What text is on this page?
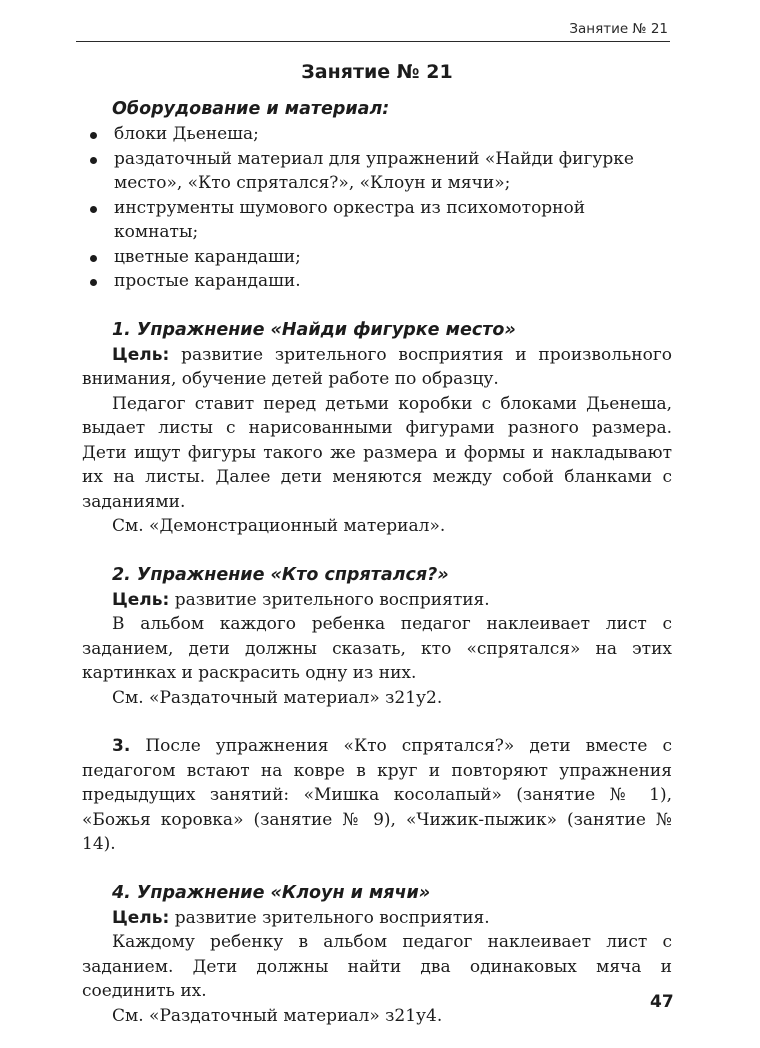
Занятие № 21
Занятие № 21
Оборудование и материал:
блоки Дьенеша;
раздаточный материал для упражнений «Найди фигурке место», «Кто спрятался?», «Клоун и мячи»;
инструменты шумового оркестра из психомоторной комнаты;
цветные карандаши;
простые карандаши.
1. Упражнение «Найди фигурке место»

Цель: развитие зрительного восприятия и произвольного внимания, обучение детей работе по образцу.

Педагог ставит перед детьми коробки с блоками Дьенеша, выдает листы с нарисованными фигурами разного размера. Дети ищут фигуры такого же размера и формы и накладывают их на листы. Далее дети меняются между собой бланками с заданиями.

См. «Демонстрационный материал».

2. Упражнение «Кто спрятался?»

Цель: развитие зрительного восприятия.

В альбом каждого ребенка педагог наклеивает лист с заданием, дети должны сказать, кто «спрятался» на этих картинках и раскрасить одну из них.

См. «Раздаточный материал» з21у2.

3. После упражнения «Кто спрятался?» дети вместе с педагогом встают на ковре в круг и повторяют упражнения предыдущих занятий: «Мишка косолапый» (занятие № 1), «Божья коровка» (занятие № 9), «Чижик-пыжик» (занятие № 14).

4. Упражнение «Клоун и мячи»

Цель: развитие зрительного восприятия.

Каждому ребенку в альбом педагог наклеивает лист с заданием. Дети должны найти два одинаковых мяча и соединить их.

См. «Раздаточный материал» з21у4.

47
